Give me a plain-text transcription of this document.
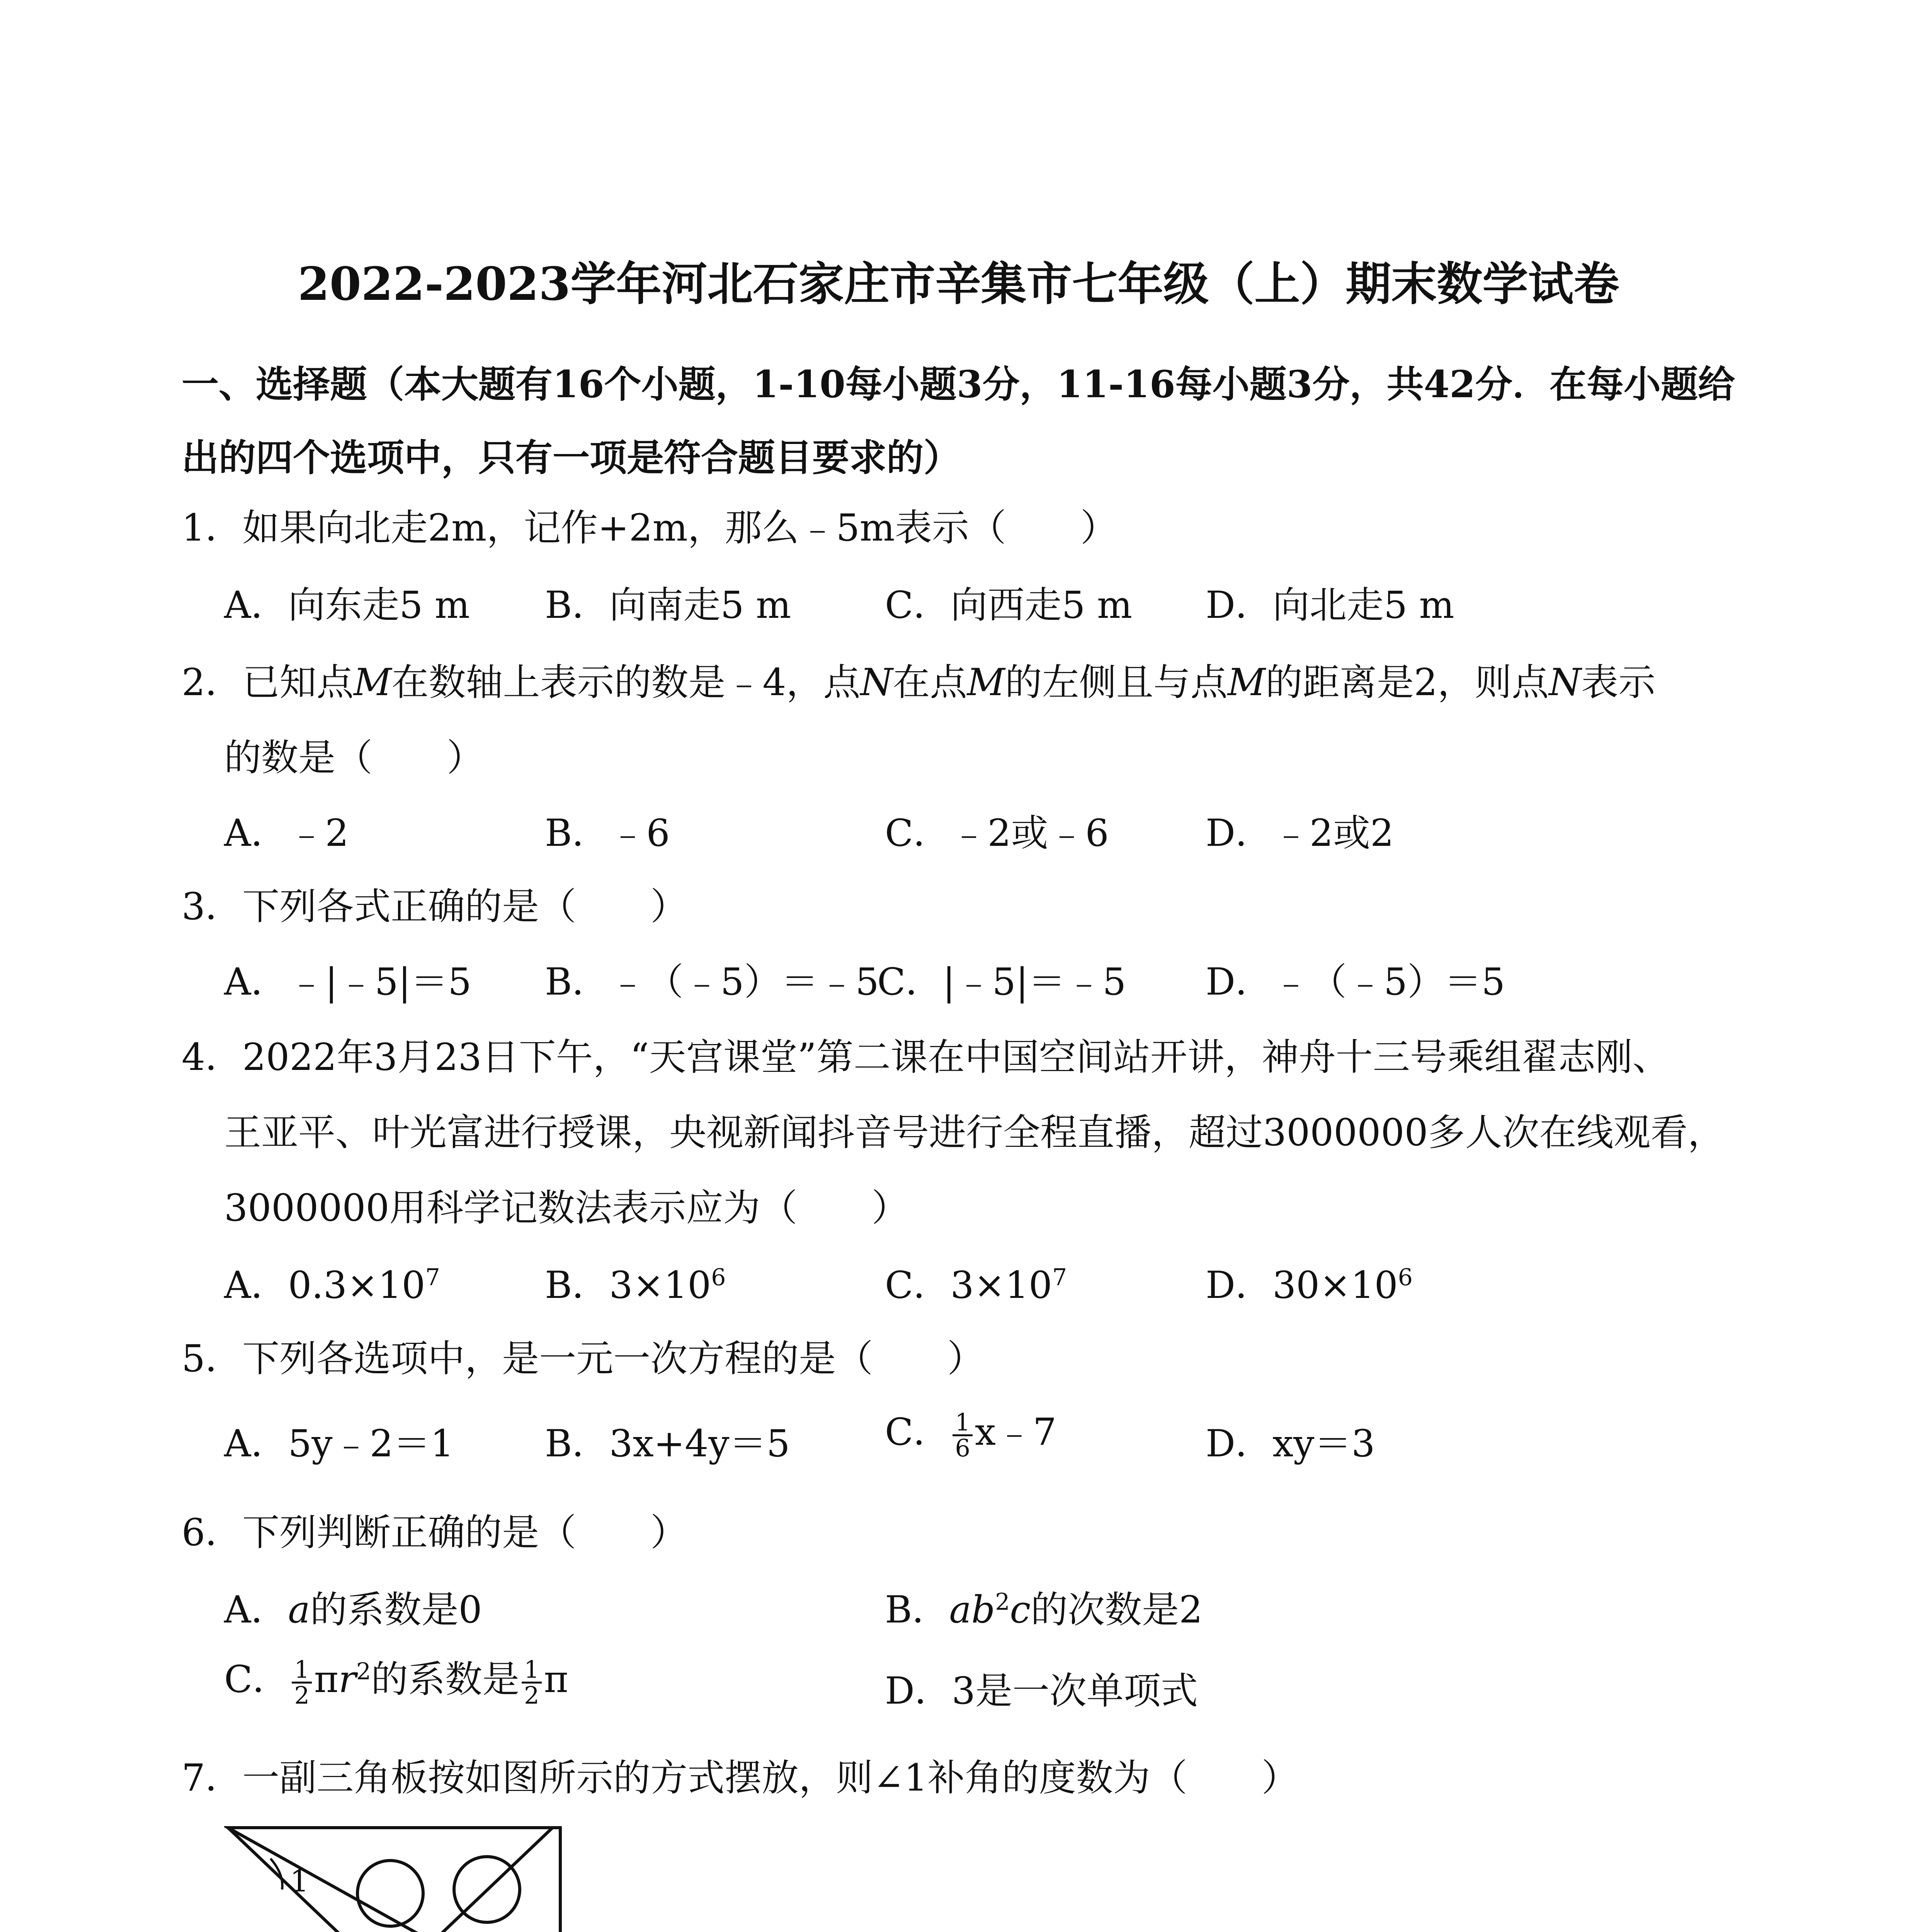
2022-2023学年河北石家庄市辛集市七年级（上）期末数学试卷
一、选择题（本大题有16个小题，1-10每小题3分，11-16每小题3分，共42分．在每小题给出的四个选项中，只有一项是符合题目要求的）
1．如果向北走2m，记作+2m，那么﹣5m表示（　　）
A．向东走5 m B．向南走5 m	C．向西走5 m D．向北走5 m
2．已知点M在数轴上表示的数是﹣4，点N在点M的左侧且与点M的距离是2，则点N表示
的数是（　　）
A．﹣2	B．﹣6	C．﹣2或﹣6	D．﹣2或2
3．下列各式正确的是（　　）
A．﹣|﹣5|＝5 B．﹣（﹣5）＝﹣5
C．|﹣5|＝﹣5 D．﹣（﹣5）＝5
4．2022年3月23日下午，“天宫课堂”第二课在中国空间站开讲，神舟十三号乘组翟志刚、
王亚平、叶光富进行授课，央视新闻抖音号进行全程直播，超过3000000多人次在线观看，
3000000用科学记数法表示应为（　　）
A．$0.3\times 10^7$	B．$3\times 10^6$	C．$3\times 10^7$	D．$30\times 10^6$
5．下列各选项中，是一元一次方程的是（　　）
A．5y﹣2＝1 B．3x+4y＝5	C． $\frac{1}{6}$ x﹣7	D．xy＝3
6．下列判断正确的是（　　）
A．a的系数是0	B．$ab^2c$的次数是2
C． $\frac{1}{2} \pi r^2$的系数是 $\frac{1}{2}$ π	D．3是一次单项式
7．一副三角板按如图所示的方式摆放，则∠1补角的度数为（　　）
1
